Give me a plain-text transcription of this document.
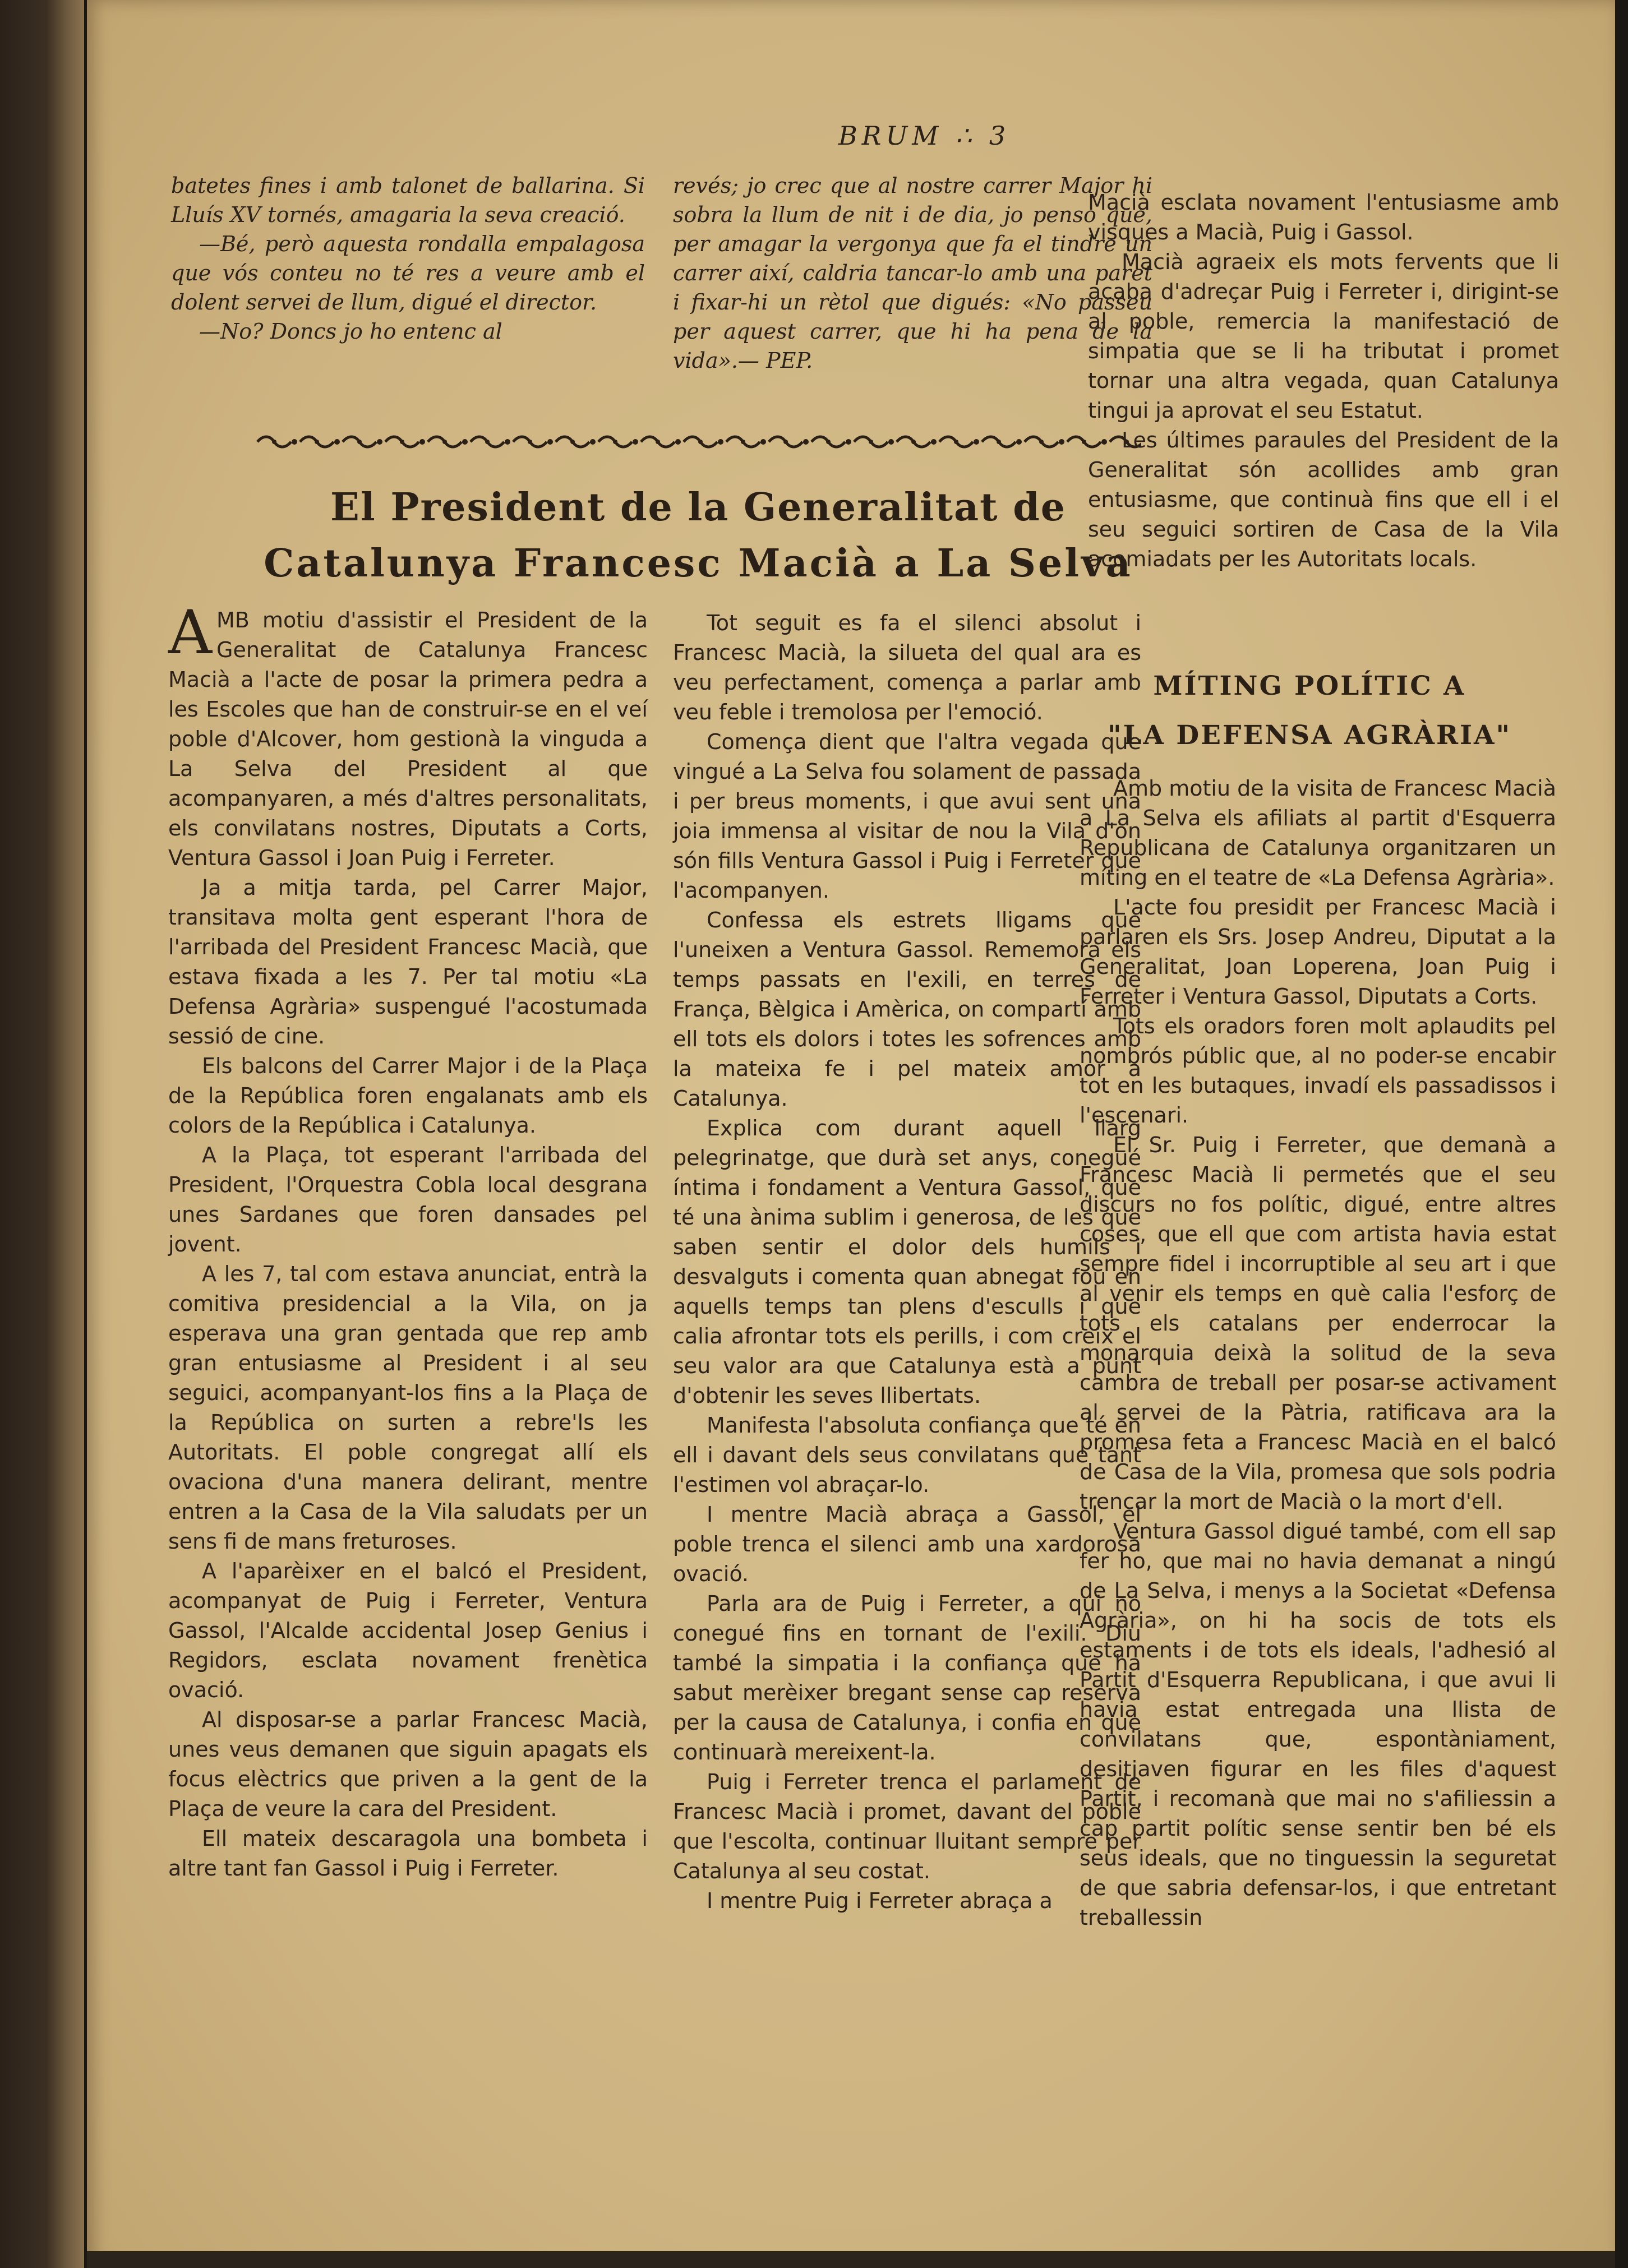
BRUM ∴ 3

batetes fines i amb talonet de ballarina. Si Lluís XV tornés, amagaria la seva creació.

—Bé, però aquesta rondalla empalagosa que vós conteu no té res a veure amb el dolent servei de llum, digué el director.

—No? Doncs jo ho entenc al

revés; jo crec que al nostre carrer Major hi sobra la llum de nit i de dia, jo penso que, per amagar la vergonya que fa el tindre un carrer així, caldria tancar-lo amb una paret i fixar-hi un rètol que digués: «No passeu per aquest carrer, que hi ha pena de la vida».— PEP.

El President de la Generalitat de
Catalunya Francesc Macià a La Selva

AMB motiu d'assistir el President de la Generalitat de Catalunya Francesc Macià a l'acte de posar la primera pedra a les Escoles que han de construir-se en el veí poble d'Alcover, hom gestionà la vinguda a La Selva del President al que acompanyaren, a més d'altres personalitats, els convilatans nostres, Diputats a Corts, Ventura Gassol i Joan Puig i Ferreter.

Ja a mitja tarda, pel Carrer Major, transitava molta gent esperant l'hora de l'arribada del President Francesc Macià, que estava fixada a les 7. Per tal motiu «La Defensa Agrària» suspengué l'acostumada sessió de cine.

Els balcons del Carrer Major i de la Plaça de la República foren engalanats amb els colors de la República i Catalunya.

A la Plaça, tot esperant l'arribada del President, l'Orquestra Cobla local desgrana unes Sardanes que foren dansades pel jovent.

A les 7, tal com estava anunciat, entrà la comitiva presidencial a la Vila, on ja esperava una gran gentada que rep amb gran entusiasme al President i al seu seguici, acompanyant-los fins a la Plaça de la República on surten a rebre'ls les Autoritats. El poble congregat allí els ovaciona d'una manera delirant, mentre entren a la Casa de la Vila saludats per un sens fi de mans freturoses.

A l'aparèixer en el balcó el President, acompanyat de Puig i Ferreter, Ventura Gassol, l'Alcalde accidental Josep Genius i Regidors, esclata novament frenètica ovació.

Al disposar-se a parlar Francesc Macià, unes veus demanen que siguin apagats els focus elèctrics que priven a la gent de la Plaça de veure la cara del President.

Ell mateix descaragola una bombeta i altre tant fan Gassol i Puig i Ferreter.

Tot seguit es fa el silenci absolut i Francesc Macià, la silueta del qual ara es veu perfectament, comença a parlar amb veu feble i tremolosa per l'emoció.

Comença dient que l'altra vegada que vingué a La Selva fou solament de passada i per breus moments, i que avui sent una joia immensa al visitar de nou la Vila d'on són fills Ventura Gassol i Puig i Ferreter que l'acompanyen.

Confessa els estrets lligams que l'uneixen a Ventura Gassol. Rememora els temps passats en l'exili, en terres de França, Bèlgica i Amèrica, on compartí amb ell tots els dolors i totes les sofrences amb la mateixa fe i pel mateix amor a Catalunya.

Explica com durant aquell llarg pelegrinatge, que durà set anys, conegué íntima i fondament a Ventura Gassol, que té una ànima sublim i generosa, de les que saben sentir el dolor dels humils i desvalguts i comenta quan abnegat fou en aquells temps tan plens d'esculls i que calia afrontar tots els perills, i com creix el seu valor ara que Catalunya està a punt d'obtenir les seves llibertats.

Manifesta l'absoluta confiança que té en ell i davant dels seus convilatans que tant l'estimen vol abraçar-lo.

I mentre Macià abraça a Gassol, el poble trenca el silenci amb una xardorosa ovació.

Parla ara de Puig i Ferreter, a qui no conegué fins en tornant de l'exili. Diu també la simpatia i la confiança que ha sabut merèixer bregant sense cap reserva per la causa de Catalunya, i confia en que continuarà mereixent-la.

Puig i Ferreter trenca el parlament de Francesc Macià i promet, davant del poble que l'escolta, continuar lluitant sempre per Catalunya al seu costat.

I mentre Puig i Ferreter abraça a

Macià esclata novament l'entusiasme amb visques a Macià, Puig i Gassol.

Macià agraeix els mots fervents que li acaba d'adreçar Puig i Ferreter i, dirigint-se al poble, remercia la manifestació de simpatia que se li ha tributat i promet tornar una altra vegada, quan Catalunya tingui ja aprovat el seu Estatut.

Les últimes paraules del President de la Generalitat són acollides amb gran entusiasme, que continuà fins que ell i el seu seguici sortiren de Casa de la Vila acomiadats per les Autoritats locals.

MÍTING POLÍTIC A
"LA DEFENSA AGRÀRIA"

Amb motiu de la visita de Francesc Macià a La Selva els afiliats al partit d'Esquerra Republicana de Catalunya organitzaren un míting en el teatre de «La Defensa Agrària».

L'acte fou presidit per Francesc Macià i parlaren els Srs. Josep Andreu, Diputat a la Generalitat, Joan Loperena, Joan Puig i Ferreter i Ventura Gassol, Diputats a Corts.

Tots els oradors foren molt aplaudits pel nombrós públic que, al no poder-se encabir tot en les butaques, invadí els passadissos i l'escenari.

El Sr. Puig i Ferreter, que demanà a Francesc Macià li permetés que el seu discurs no fos polític, digué, entre altres coses, que ell que com artista havia estat sempre fidel i incorruptible al seu art i que al venir els temps en què calia l'esforç de tots els catalans per enderrocar la monarquia deixà la solitud de la seva cambra de treball per posar-se activament al servei de la Pàtria, ratificava ara la promesa feta a Francesc Macià en el balcó de Casa de la Vila, promesa que sols podria trencar la mort de Macià o la mort d'ell.

Ventura Gassol digué també, com ell sap fer ho, que mai no havia demanat a ningú de La Selva, i menys a la Societat «Defensa Agrària», on hi ha socis de tots els estaments i de tots els ideals, l'adhesió al Partit d'Esquerra Republicana, i que avui li havia estat entregada una llista de convilatans que, espontàniament, desitjaven figurar en les files d'aquest Partit, i recomanà que mai no s'afiliessin a cap partit polític sense sentir ben bé els seus ideals, que no tinguessin la seguretat de que sabria defensar-los, i que entretant treballessin
